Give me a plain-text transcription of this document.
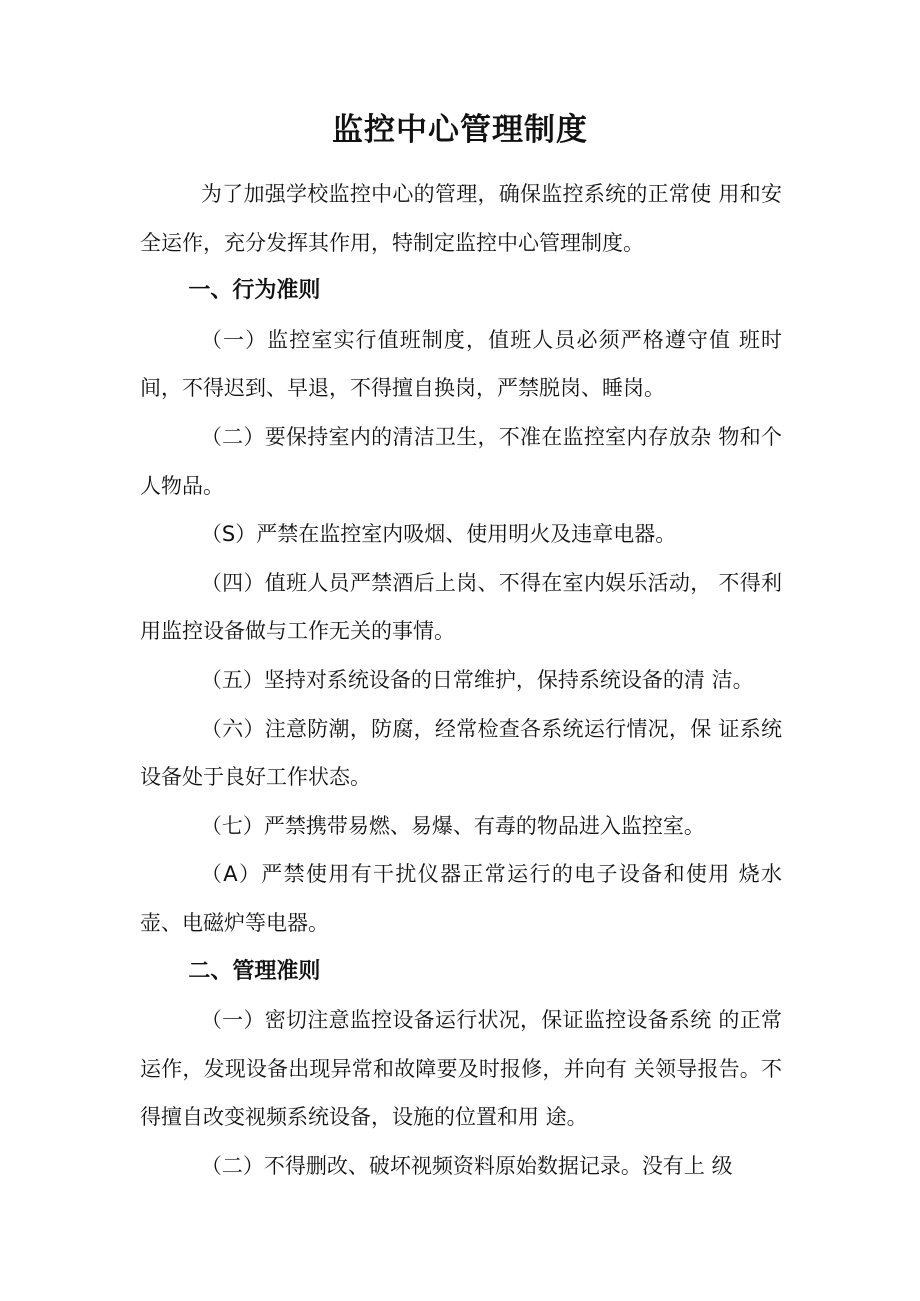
监控中心管理制度

为了加强学校监控中心的管理，确保监控系统的正常使 用和安全运作，充分发挥其作用，特制定监控中心管理制度。

一、行为准则

（一）监控室实行值班制度，值班人员必须严格遵守值 班时间，不得迟到、早退，不得擅自换岗，严禁脱岗、睡岗。

（二）要保持室内的清洁卫生，不准在监控室内存放杂 物和个人物品。

（S）严禁在监控室内吸烟、使用明火及违章电器。

（四）值班人员严禁酒后上岗、不得在室内娱乐活动， 不得利用监控设备做与工作无关的事情。

（五）坚持对系统设备的日常维护，保持系统设备的清 洁。

（六）注意防潮，防腐，经常检查各系统运行情况，保 证系统设备处于良好工作状态。

（七）严禁携带易燃、易爆、有毒的物品进入监控室。

（A）严禁使用有干扰仪器正常运行的电子设备和使用 烧水壶、电磁炉等电器。

二、管理准则

（一）密切注意监控设备运行状况，保证监控设备系统 的正常运作，发现设备出现异常和故障要及时报修，并向有 关领导报告。不得擅自改变视频系统设备，设施的位置和用 途。

（二）不得删改、破坏视频资料原始数据记录。没有上 级
